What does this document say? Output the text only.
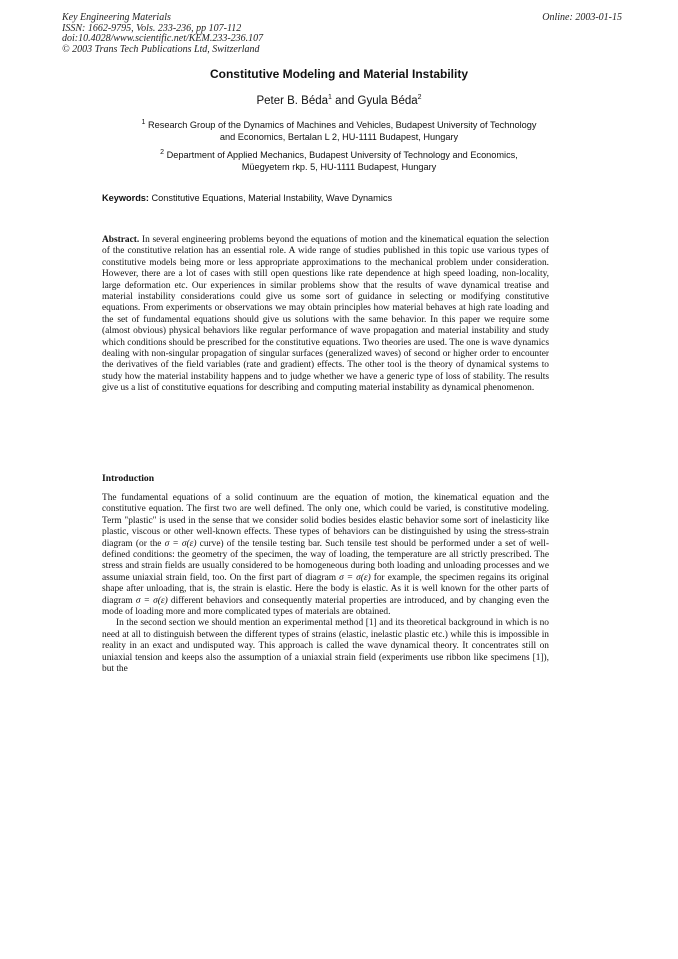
Key Engineering Materials
ISSN: 1662-9795, Vols. 233-236, pp 107-112
doi:10.4028/www.scientific.net/KEM.233-236.107
© 2003 Trans Tech Publications Ltd, Switzerland
Online: 2003-01-15
Constitutive Modeling and Material Instability
Peter B. Béda$^1$ and Gyula Béda$^2$
$^1$ Research Group of the Dynamics of Machines and Vehicles, Budapest University of Technology
and Economics, Bertalan L 2, HU-1111 Budapest, Hungary
$^2$ Department of Applied Mechanics, Budapest University of Technology and Economics,
Müegyetem rkp. 5, HU-1111 Budapest, Hungary
Keywords: Constitutive Equations, Material Instability, Wave Dynamics

Abstract. In several engineering problems beyond the equations of motion and the kinematical equation the selection of the constitutive relation has an essential role. A wide range of studies published in this topic use various types of constitutive models being more or less appropriate approximations to the mechanical problem under consideration. However, there are a lot of cases with still open questions like rate dependence at high speed loading, non-locality, large deformation etc. Our experiences in similar problems show that the results of wave dynamical treatise and material instability considerations could give us some sort of guidance in selecting or modifying constitutive equations. From experiments or observations we may obtain principles how material behaves at high rate loading and the set of fundamental equations should give us solutions with the same behavior. In this paper we require some (almost obvious) physical behaviors like regular performance of wave propagation and material instability and study which conditions should be prescribed for the constitutive equations. Two theories are used. The one is wave dynamics dealing with non-singular propagation of singular surfaces (generalized waves) of second or higher order to encounter the derivatives of the field variables (rate and gradient) effects. The other tool is the theory of dynamical systems to study how the material instability happens and to judge whether we have a generic type of loss of stability. The results give us a list of constitutive equations for describing and computing material instability as dynamical phenomenon.

Introduction

The fundamental equations of a solid continuum are the equation of motion, the kinematical equation and the constitutive equation. The first two are well defined. The only one, which could be varied, is constitutive modeling. Term "plastic" is used in the sense that we consider solid bodies besides elastic behavior some sort of inelasticity like plastic, viscous or other well-known effects. These types of behaviors can be distinguished by using the stress-strain diagram (or the σ = σ(ε) curve) of the tensile testing bar. Such tensile test should be performed under a set of well-defined conditions: the geometry of the specimen, the way of loading, the temperature are all strictly prescribed. The stress and strain fields are usually considered to be homogeneous during both loading and unloading processes and we assume uniaxial strain field, too. On the first part of diagram σ = σ(ε) for example, the specimen regains its original shape after unloading, that is, the strain is elastic. Here the body is elastic. As it is well known for the other parts of diagram σ = σ(ε) different behaviors and consequently material properties are introduced, and by changing even the mode of loading more and more complicated types of materials are obtained.

In the second section we should mention an experimental method [1] and its theoretical background in which is no need at all to distinguish between the different types of strains (elastic, inelastic plastic etc.) while this is impossible in reality in an exact and undisputed way. This approach is called the wave dynamical theory. It concentrates still on uniaxial tension and keeps also the assumption of a uniaxial strain field (experiments use ribbon like specimens [1]), but the
